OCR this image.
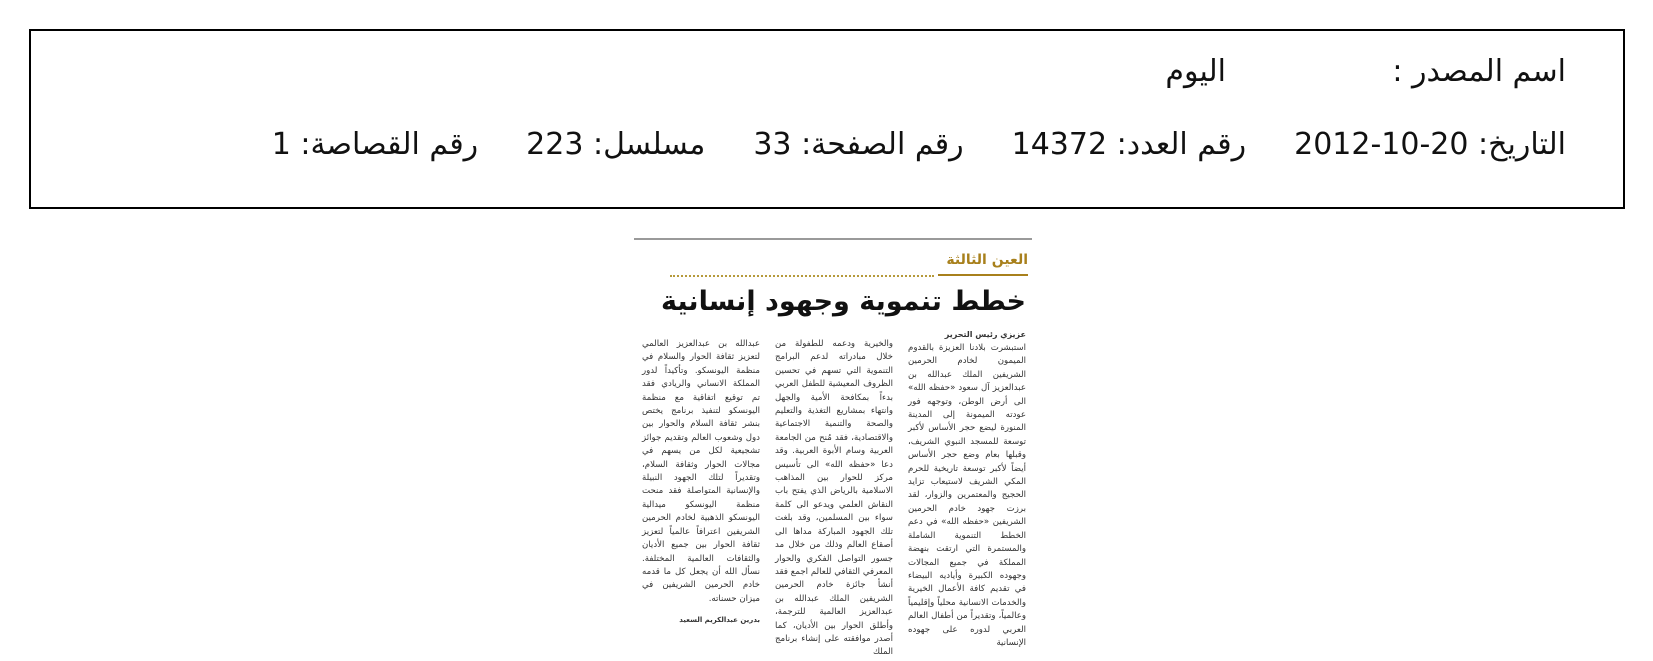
اسم المصدر :
اليوم
التاريخ: 2012-10-20
رقم العدد: 14372
رقم الصفحة: 33
مسلسل: 223
رقم القصاصة: 1
العين الثالثة
خطط تنموية وجهود إنسانية
عزيزي رئيس التحرير
استبشرت بلادنا العزيزة بالقدوم الميمون لخادم الحرمين الشريفين الملك عبدالله بن عبدالعزيز آل سعود «حفظه الله» الى أرض الوطن، وتوجهه فور عودته الميمونة إلى المدينة المنورة ليضع حجر الأساس لأكبر توسعة للمسجد النبوي الشريف، وقبلها بعام وضع حجر الأساس أيضاً لأكبر توسعة تاريخية للحرم المكي الشريف لاستيعاب تزايد الحجيج والمعتمرين والزوار، لقد برزت جهود خادم الحرمين الشريفين «حفظه الله» في دعم الخطط التنموية الشاملة والمستمرة التي ارتقت بنهضة المملكة في جميع المجالات وجهوده الكبيرة وأياديه البيضاء في تقديم كافة الأعمال الخيرية والخدمات الانسانية محلياً وإقليمياً وعالمياً، وتقديراً من أطفال العالم العربي لدوره على جهوده الإنسانية
والخيرية ودعمه للطفولة من خلال مبادراته لدعم البرامج التنموية التي تسهم في تحسين الظروف المعيشية للطفل العربي بدءاً بمكافحة الأمية والجهل وانتهاء بمشاريع التغذية والتعليم والصحة والتنمية الاجتماعية والاقتصادية، فقد مُنح من الجامعة العربية وسام الأبوة العربية. وقد دعا «حفظه الله» الى تأسيس مركز للحوار بين المذاهب الاسلامية بالرياض الذي يفتح باب النقاش العلمي ويدعو الى كلمة سواء بين المسلمين، وقد بلغت تلك الجهود المباركة مداها الى أصقاع العالم وذلك من خلال مد جسور التواصل الفكري والحوار المعرفي الثقافي للعالم اجمع فقد أنشأ جائزة خادم الحرمين الشريفين الملك عبدالله بن عبدالعزيز العالمية للترجمة، وأطلق الحوار بين الأديان، كما أصدر موافقته على إنشاء برنامج الملك
عبدالله بن عبدالعزيز العالمي لتعزيز ثقافة الحوار والسلام في منظمة اليونسكو. وتأكيداً لدور المملكة الانساني والريادي فقد تم توقيع اتفاقية مع منظمة اليونسكو لتنفيذ برنامج يختص بنشر ثقافة السلام والحوار بين دول وشعوب العالم وتقديم جوائز تشجيعية لكل من يسهم في مجالات الحوار وثقافة السلام، وتقديراً لتلك الجهود النبيلة والإنسانية المتواصلة فقد منحت منظمة اليونسكو ميدالية اليونسكو الذهبية لخادم الحرمين الشريفين اعترافاً عالمياً لتعزيز ثقافة الحوار بين جميع الأديان والثقافات العالمية المختلفة. نسأل الله أن يجعل كل ما قدمه خادم الحرمين الشريفين في ميزان حسناته.
بدرين عبدالكريم السعيد
